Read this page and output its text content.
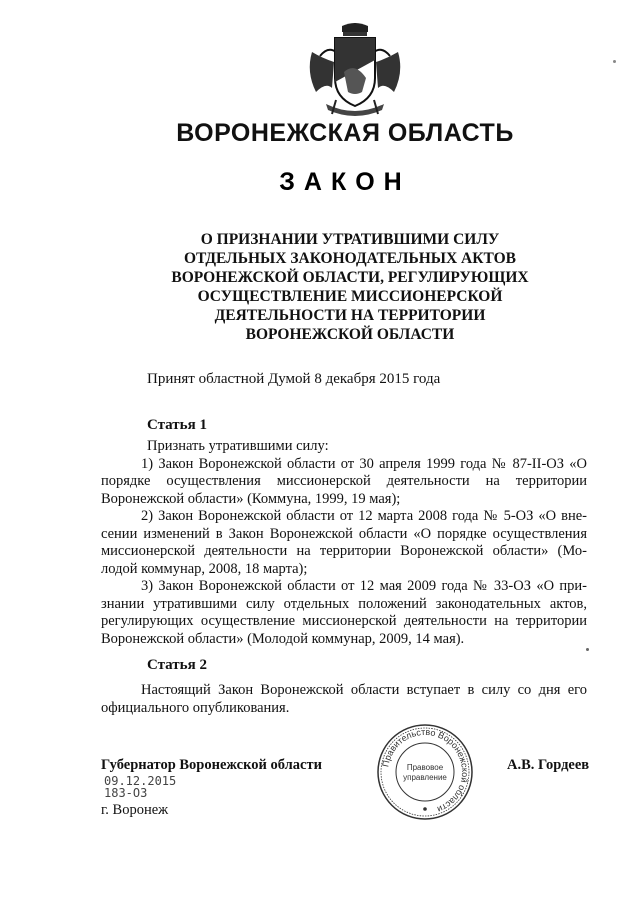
ВОРОНЕЖСКАЯ ОБЛАСТЬ
ЗАКОН
О ПРИЗНАНИИ УТРАТИВШИМИ СИЛУ
ОТДЕЛЬНЫХ ЗАКОНОДАТЕЛЬНЫХ АКТОВ
ВОРОНЕЖСКОЙ ОБЛАСТИ, РЕГУЛИРУЮЩИХ
ОСУЩЕСТВЛЕНИЕ МИССИОНЕРСКОЙ
ДЕЯТЕЛЬНОСТИ НА ТЕРРИТОРИИ
ВОРОНЕЖСКОЙ ОБЛАСТИ
Принят областной Думой 8 декабря 2015 года
Статья 1

Признать утратившими силу:

1) Закон Воронежской области от 30 апреля 1999 года № 87-II-ОЗ «О порядке осуществления миссионерской деятельности на территории Воронежской области» (Коммуна, 1999, 19 мая);

2) Закон Воронежской области от 12 марта 2008 года № 5-ОЗ «О вне-сении изменений в Закон Воронежской области «О порядке осуществления миссионерской деятельности на территории Воронежской области» (Мо-лодой коммунар, 2008, 18 марта);

3) Закон Воронежской области от 12 мая 2009 года № 33-ОЗ «О при-знании утратившими силу отдельных положений законодательных актов, регулирующих осуществление миссионерской деятельности на территории Воронежской области» (Молодой коммунар, 2009, 14 мая).

Статья 2

Настоящий Закон Воронежской области вступает в силу со дня его официального опубликования.

Губернатор Воронежской области	А.В. Гордеев
09.12.2015
183-ОЗ
г. Воронеж
Правительство Воронежской области
Правовое
управление
